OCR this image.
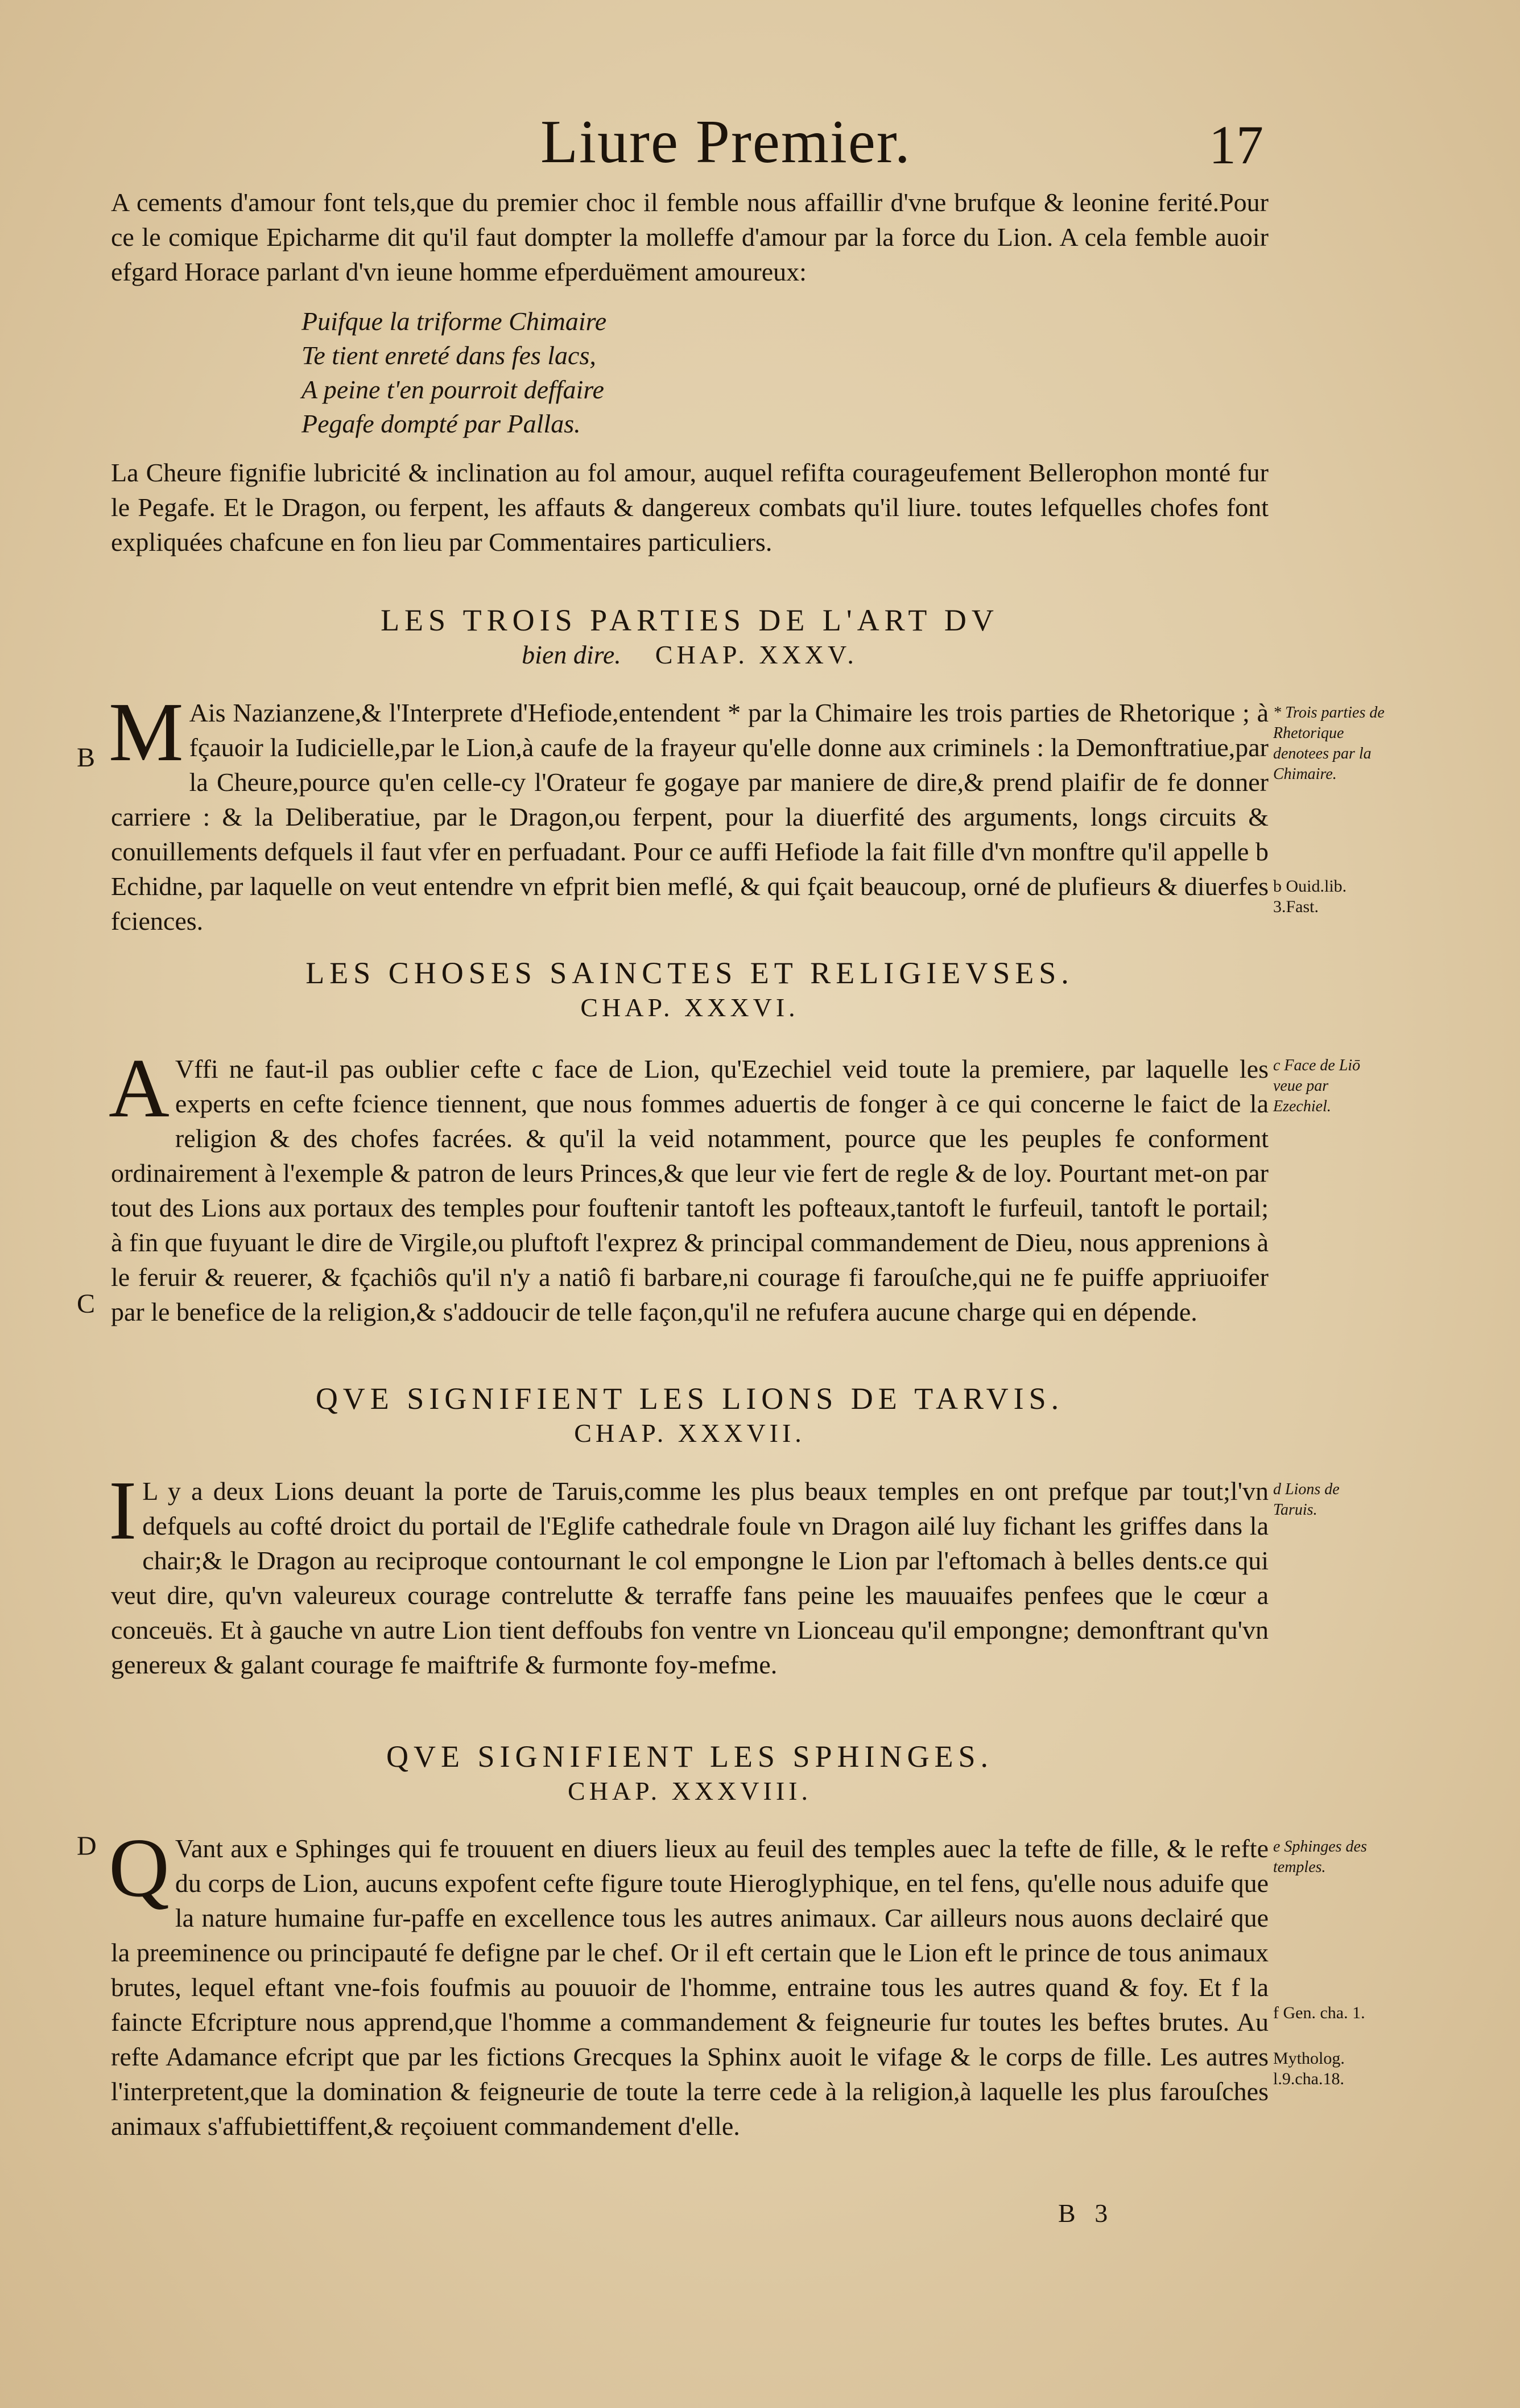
Liure Premier.	17

A cements d'amour font tels,que du premier choc il femble nous affaillir d'vne brufque & leonine ferité.Pour ce le comique Epicharme dit qu'il faut dompter la molleffe d'amour par la force du Lion. A cela femble auoir efgard Horace parlant d'vn ieune homme efperduëment amoureux:

Puifque la triforme Chimaire
Te tient enreté dans fes lacs,
A peine t'en pourroit deffaire
Pegafe dompté par Pallas.

La Cheure fignifie lubricité & inclination au fol amour, auquel refifta courageufement Bellerophon monté fur le Pegafe. Et le Dragon, ou ferpent, les affauts & dangereux combats qu'il liure. toutes lefquelles chofes font expliquées chafcune en fon lieu par Commentaires particuliers.

LES TROIS PARTIES DE L'ART DV
bien dire. CHAP. XXXV.

M Ais Nazianzene,& l'Interprete d'Hefiode,entendent * par la Chimaire les trois parties de Rhetorique ; à fçauoir la Iudicielle,par le Lion,à caufe de la frayeur qu'elle donne aux criminels : la Demonftratiue,par la Cheure,pource qu'en celle-cy l'Orateur fe gogaye par maniere de dire,& prend plaifir de fe donner carriere : & la Deliberatiue, par le Dragon,ou ferpent, pour la diuerfité des arguments, longs circuits & conuillements defquels il faut vfer en perfuadant. Pour ce auffi Hefiode la fait fille d'vn monftre qu'il appelle b Echidne, par laquelle on veut entendre vn efprit bien meflé, & qui fçait beaucoup, orné de plufieurs & diuerfes fciences.

LES CHOSES SAINCTES ET RELIGIEVSES.
CHAP. XXXVI.

A Vffi ne faut-il pas oublier cefte c face de Lion, qu'Ezechiel veid toute la premiere, par laquelle les experts en cefte fcience tiennent, que nous fommes aduertis de fonger à ce qui concerne le faict de la religion & des chofes facrées. & qu'il la veid notamment, pource que les peuples fe conforment ordinairement à l'exemple & patron de leurs Princes,& que leur vie fert de regle & de loy. Pourtant met-on par tout des Lions aux portaux des temples pour fouftenir tantoft les pofteaux,tantoft le furfeuil, tantoft le portail; à fin que fuyuant le dire de Virgile,ou pluftoft l'exprez & principal commandement de Dieu, nous apprenions à le feruir & reuerer, & fçachiôs qu'il n'y a natiô fi barbare,ni courage fi farouſche,qui ne fe puiffe appriuoifer par le benefice de la religion,& s'addoucir de telle façon,qu'il ne refufera aucune charge qui en dépende.

QVE SIGNIFIENT LES LIONS DE TARVIS.
CHAP. XXXVII.

I L y a deux Lions deuant la porte de Taruis,comme les plus beaux temples en ont prefque par tout;l'vn defquels au cofté droict du portail de l'Eglife cathedrale foule vn Dragon ailé luy fichant les griffes dans la chair;& le Dragon au reciproque contournant le col empongne le Lion par l'eftomach à belles dents.ce qui veut dire, qu'vn valeureux courage contrelutte & terraffe fans peine les mauuaifes penfees que le cœur a conceuës. Et à gauche vn autre Lion tient deffoubs fon ventre vn Lionceau qu'il empongne; demonftrant qu'vn genereux & galant courage fe maiftrife & furmonte foy-mefme.

QVE SIGNIFIENT LES SPHINGES.
CHAP. XXXVIII.

Q Vant aux e Sphinges qui fe trouuent en diuers lieux au feuil des temples auec la tefte de fille, & le refte du corps de Lion, aucuns expofent cefte figure toute Hieroglyphique, en tel fens, qu'elle nous aduife que la nature humaine fur-paffe en excellence tous les autres animaux. Car ailleurs nous auons declairé que la preeminence ou principauté fe defigne par le chef. Or il eft certain que le Lion eft le prince de tous animaux brutes, lequel eftant vne-fois foufmis au pouuoir de l'homme, entraine tous les autres quand & foy. Et f la faincte Efcripture nous apprend,que l'homme a commandement & feigneurie fur toutes les beftes brutes. Au refte Adamance efcript que par les fictions Grecques la Sphinx auoit le vifage & le corps de fille. Les autres l'interpretent,que la domination & feigneurie de toute la terre cede à la religion,à laquelle les plus farouſches animaux s'affubiettiffent,& reçoiuent commandement d'elle.

* Trois parties de Rhetorique denotees par la Chimaire.
b Ouid.lib. 3.Fast.
c Face de Liō veue par Ezechiel.
d Lions de Taruis.
e Sphinges des temples.
f Gen. cha. 1.
Mytholog. l.9.cha.18.
B
C
D
B 3
